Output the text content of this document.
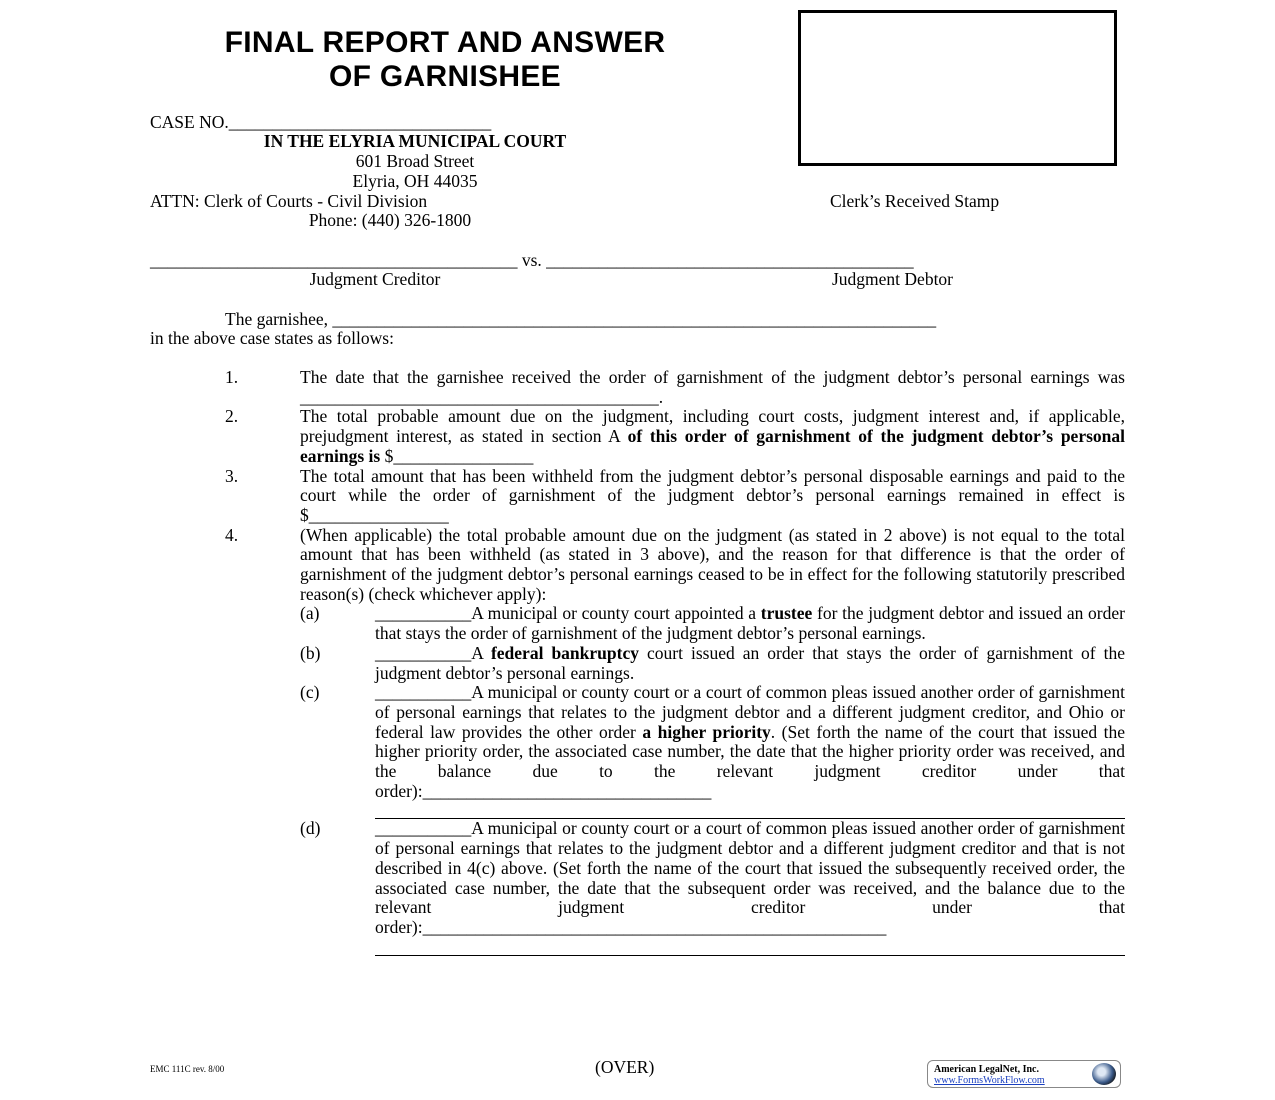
FINAL REPORT AND ANSWER
OF GARNISHEE
Clerk’s Received Stamp
CASE NO.______________________________
IN THE ELYRIA MUNICIPAL COURT
601 Broad Street
Elyria, OH 44035
ATTN: Clerk of Courts - Civil Division
Phone: (440) 326-1800
__________________________________________ vs. __________________________________________
Judgment Creditor	Judgment Debtor
The garnishee, _____________________________________________________________________
in the above case states as follows:
1.	The date that the garnishee received the order of garnishment of the judgment debtor’s personal earnings was _________________________________________.
2.	The total probable amount due on the judgment, including court costs, judgment interest and, if applicable, prejudgment interest, as stated in section A of this order of garnishment of the judgment debtor’s personal earnings is $________________
3.	The total amount that has been withheld from the judgment debtor’s personal disposable earnings and paid to the court while the order of garnishment of the judgment debtor’s personal earnings remained in effect is $________________
4.	(When applicable) the total probable amount due on the judgment (as stated in 2 above) is not equal to the total amount that has been withheld (as stated in 3 above), and the reason for that difference is that the order of garnishment of the judgment debtor’s personal earnings ceased to be in effect for the following statutorily prescribed reason(s) (check whichever apply):
(a)	___________A municipal or county court appointed a trustee for the judgment debtor and issued an order that stays the order of garnishment of the judgment debtor’s personal earnings.
(b)	___________A federal bankruptcy court issued an order that stays the order of garnishment of the judgment debtor’s personal earnings.
(c)	___________A municipal or county court or a court of common pleas issued another order of garnishment of personal earnings that relates to the judgment debtor and a different judgment creditor, and Ohio or federal law provides the other order a higher priority. (Set forth the name of the court that issued the higher priority order, the associated case number, the date that the higher priority order was received, and the balance due to the relevant judgment creditor under that order):_________________________________
(d)	___________A municipal or county court or a court of common pleas issued another order of garnishment of personal earnings that relates to the judgment debtor and a different judgment creditor and that is not described in 4(c) above. (Set forth the name of the court that issued the subsequently received order, the associated case number, the date that the subsequent order was received, and the balance due to the relevant judgment creditor under that order):_____________________________________________________
EMC 111C rev. 8/00	(OVER)	American LegalNet, Inc.
www.FormsWorkFlow.com
